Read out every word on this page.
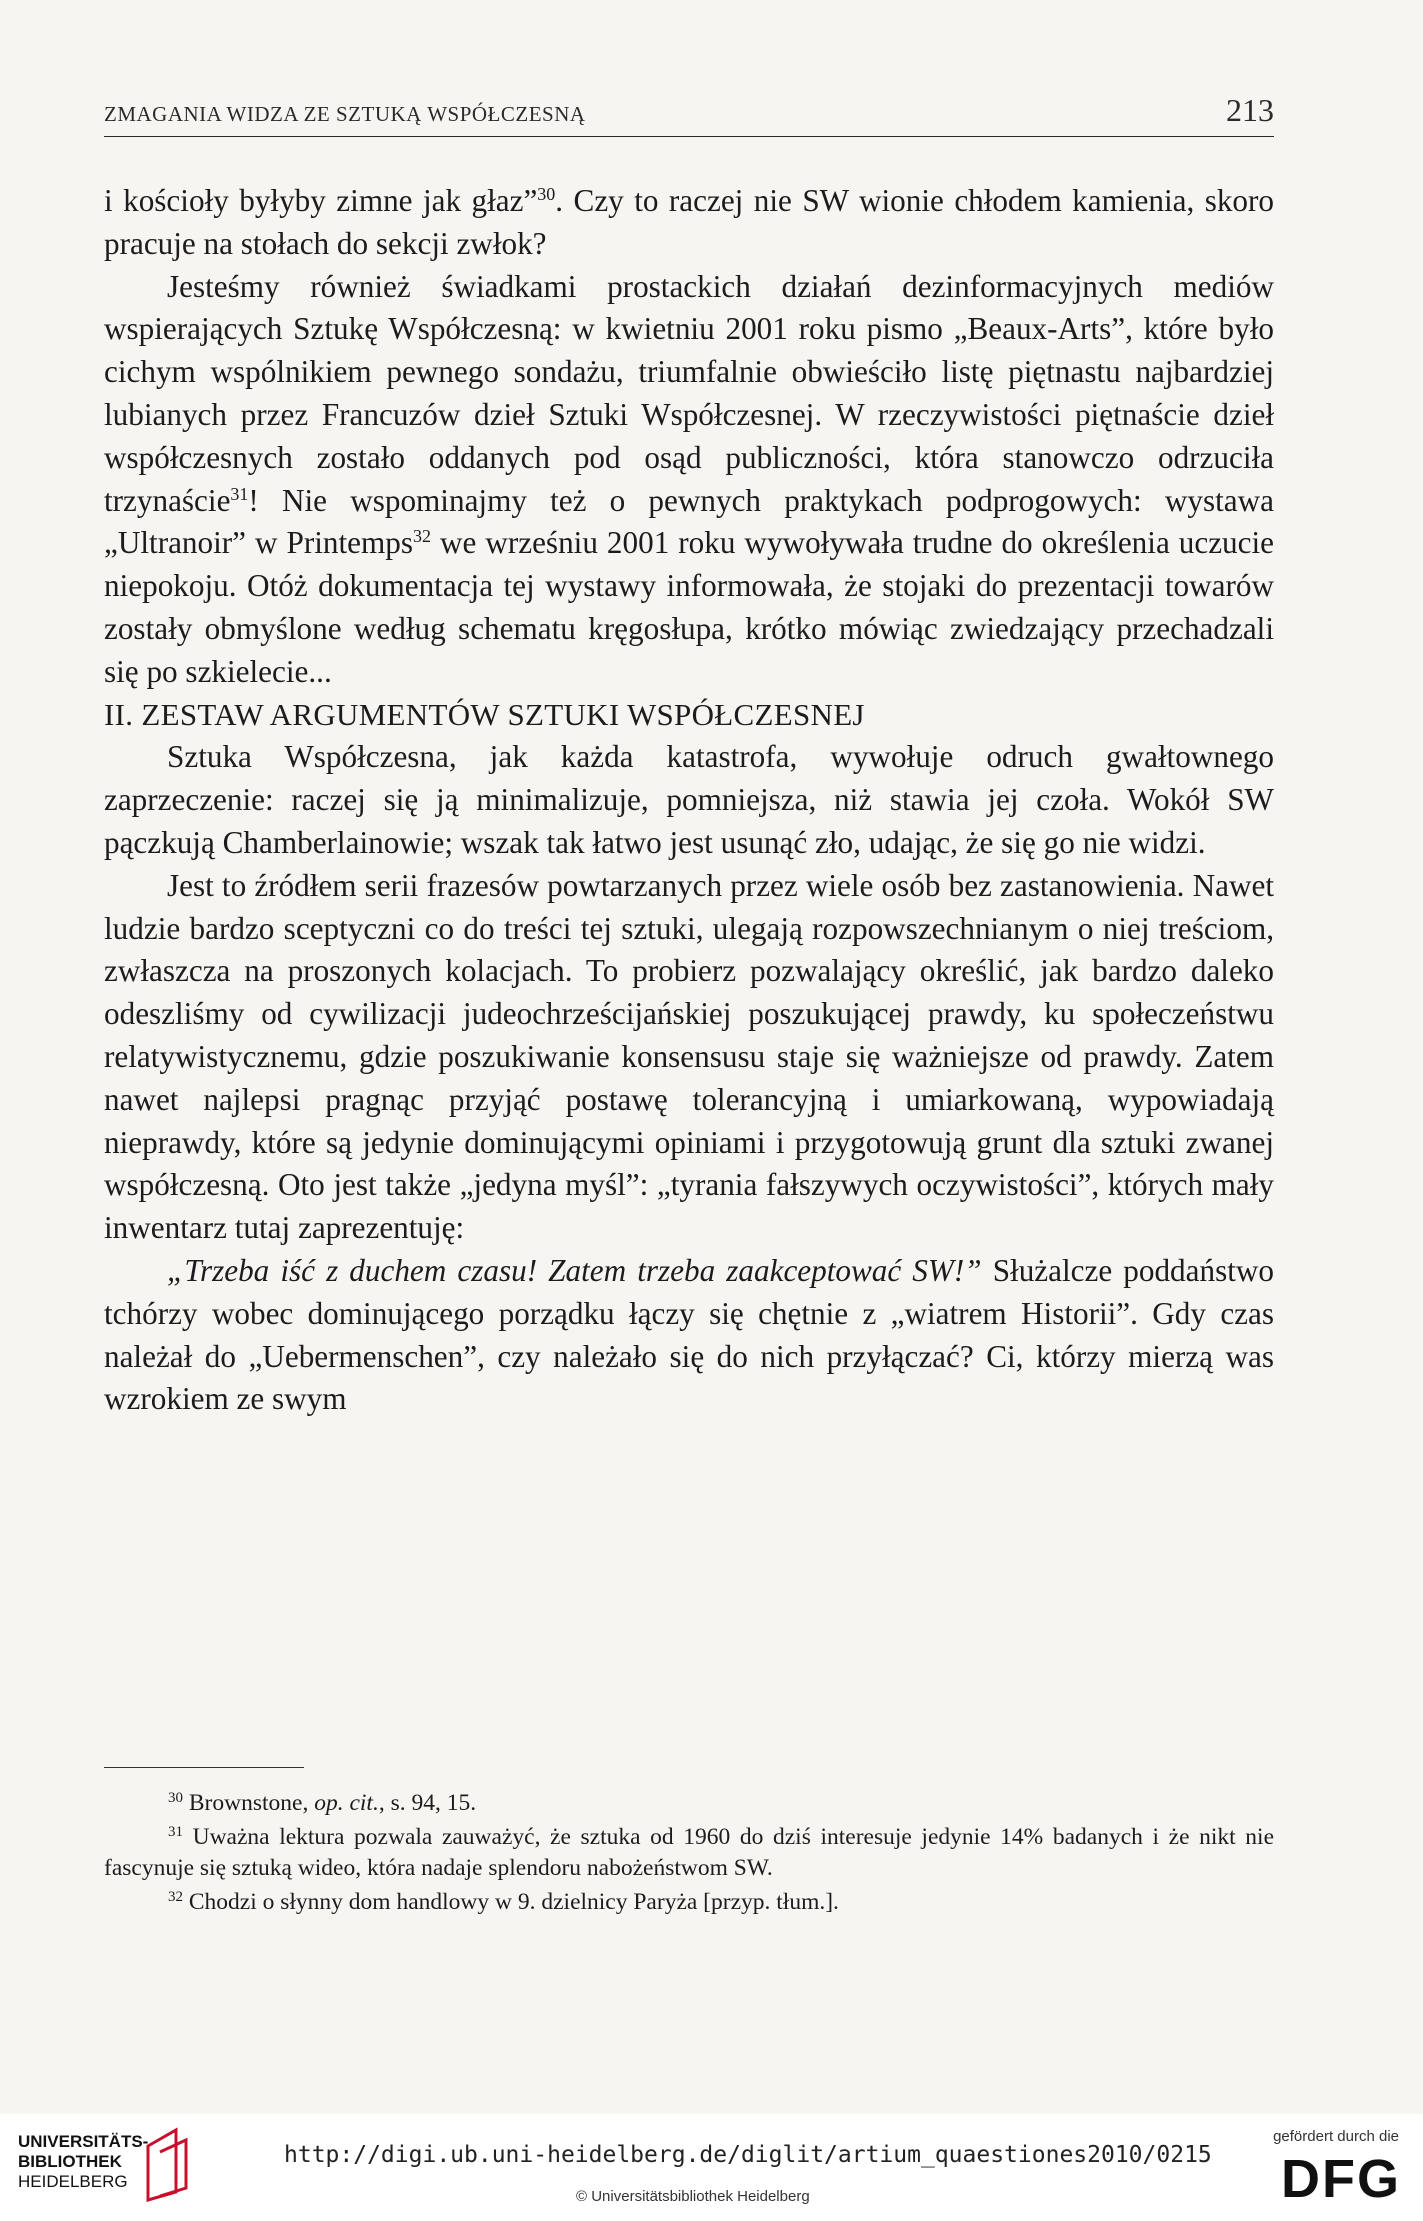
ZMAGANIA WIDZA ZE SZTUKĄ WSPÓŁCZESNĄ	213

i kościoły byłyby zimne jak głaz”$^{30}$. Czy to raczej nie SW wionie chłodem kamienia, skoro pracuje na stołach do sekcji zwłok?

Jesteśmy również świadkami prostackich działań dezinformacyjnych mediów wspierających Sztukę Współczesną: w kwietniu 2001 roku pismo „Beaux-Arts”, które było cichym wspólnikiem pewnego sondażu, triumfalnie obwieściło listę piętnastu najbardziej lubianych przez Francuzów dzieł Sztuki Współczesnej. W rzeczywistości piętnaście dzieł współczesnych zostało oddanych pod osąd publiczności, która stanowczo odrzuciła trzynaście$^{31}$! Nie wspominajmy też o pewnych praktykach podprogowych: wystawa „Ultranoir” w Printemps$^{32}$ we wrześniu 2001 roku wywoływała trudne do określenia uczucie niepokoju. Otóż dokumentacja tej wystawy informowała, że stojaki do prezentacji towarów zostały obmyślone według schematu kręgosłupa, krótko mówiąc zwiedzający przechadzali się po szkielecie...

II. ZESTAW ARGUMENTÓW SZTUKI WSPÓŁCZESNEJ

Sztuka Współczesna, jak każda katastrofa, wywołuje odruch gwałtownego zaprzeczenie: raczej się ją minimalizuje, pomniejsza, niż stawia jej czoła. Wokół SW pączkują Chamberlainowie; wszak tak łatwo jest usunąć zło, udając, że się go nie widzi.

Jest to źródłem serii frazesów powtarzanych przez wiele osób bez zastanowienia. Nawet ludzie bardzo sceptyczni co do treści tej sztuki, ulegają rozpowszechnianym o niej treściom, zwłaszcza na proszonych kolacjach. To probierz pozwalający określić, jak bardzo daleko odeszliśmy od cywilizacji judeochrześcijańskiej poszukującej prawdy, ku społeczeństwu relatywistycznemu, gdzie poszukiwanie konsensusu staje się ważniejsze od prawdy. Zatem nawet najlepsi pragnąc przyjąć postawę tolerancyjną i umiarkowaną, wypowiadają nieprawdy, które są jedynie dominującymi opiniami i przygotowują grunt dla sztuki zwanej współczesną. Oto jest także „jedyna myśl”: „tyrania fałszywych oczywistości”, których mały inwentarz tutaj zaprezentuję:

„Trzeba iść z duchem czasu! Zatem trzeba zaakceptować SW!” Służalcze poddaństwo tchórzy wobec dominującego porządku łączy się chętnie z „wiatrem Historii”. Gdy czas należał do „Uebermenschen”, czy należało się do nich przyłączać? Ci, którzy mierzą was wzrokiem ze swym

$^{30}$ Brownstone, op. cit., s. 94, 15.

$^{31}$ Uważna lektura pozwala zauważyć, że sztuka od 1960 do dziś interesuje jedynie 14% badanych i że nikt nie fascynuje się sztuką wideo, która nadaje splendoru nabożeństwom SW.

$^{32}$ Chodzi o słynny dom handlowy w 9. dzielnicy Paryża [przyp. tłum.].

UNIVERSITÄTS-
BIBLIOTHEK
HEIDELBERG
http://digi.ub.uni-heidelberg.de/diglit/artium_quaestiones2010/0215
© Universitätsbibliothek Heidelberg
gefördert durch die
DFG
